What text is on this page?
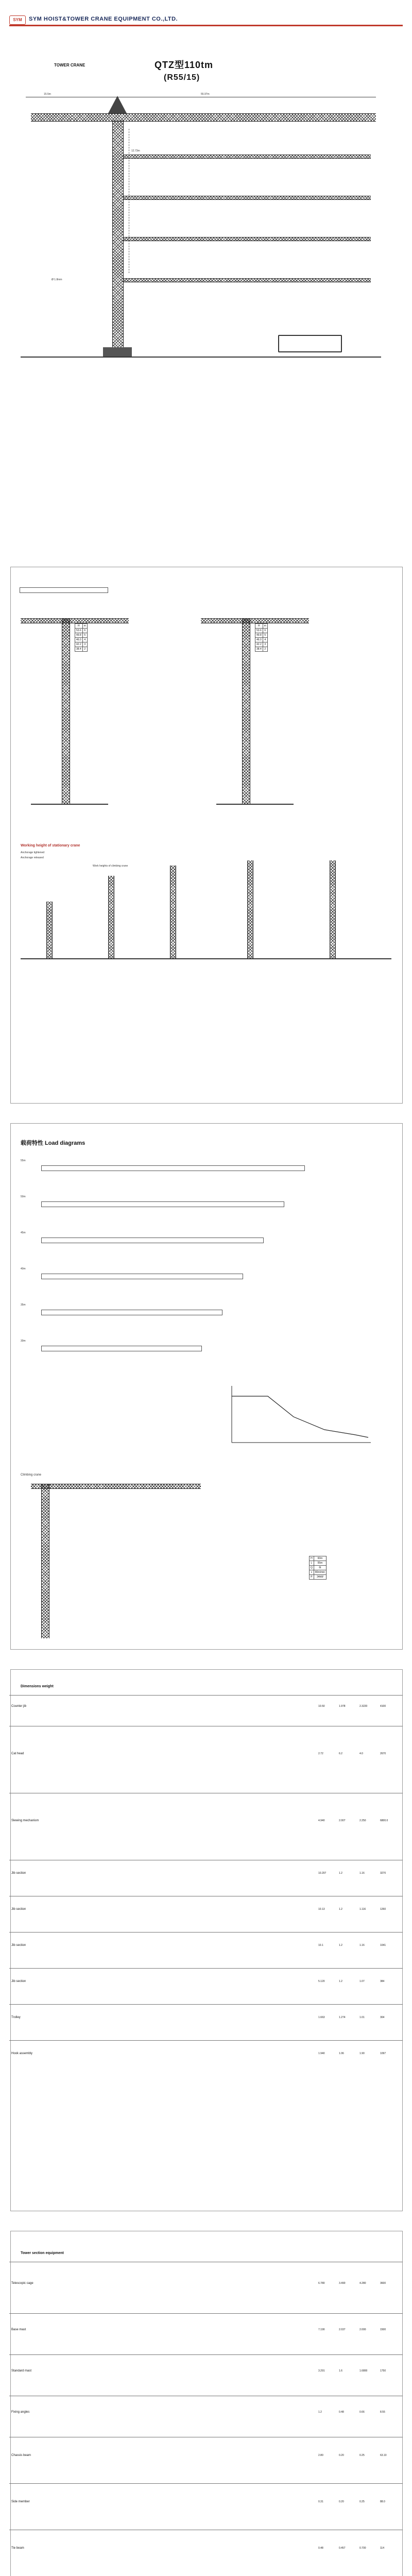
SYM	SYM HOIST&TOWER CRANE EQUIPMENT CO.,LTD.
TOWER CRANE	QTZ型110tm
(R55/15)
15.5m	55.97m
12.73m
Ø 1.8mm
H	m
53.6	6
49.8	5
46.0	4
42.2	3
38.4	2
H	m
53.6	6
49.8	5
46.0	4
42.2	3
38.4	2
Working height of stationary crane
Anchorage tightened
Anchorage released
Work heights of climbing crane
载荷特性 Load diagrams
55m
50m
45m
40m
35m
30m
Climbing crane
H	60m
L	55m
Q	6t
v	80m/min
P	34kW
Dimensions weight
Counter jib	10.50	1.978	2.3220	4100
Cat head	2.72	6.2	4.0	2670
Slewing mechanism	4.940	2.007	2.250	6800.0
Jib section	10.207	1.2	1.16	3270
Jib section	10.13	1.2	1.116	1260
Jib section	10.1	1.2	1.16	1041
Jib section	5.120	1.2	1.07	384
Trolley	1.663	1.274	1.01	304
Hook assembly	1.940	1.06	1.90	1097
Tower section equipment
Telescopic cage	6.780	3.490	4.280	3600
Base mast	7.190	2.037	2.000	1500
Standard mast	3.291	1.6	1.6800	1750
Fixing angles	1.2	0.48	0.66	8.55
Chassis beam	2.80	0.20	0.25	63.10
Side member	0.31	0.20	0.25	88.0
Tie beam	0.48	0.457	0.700	114
